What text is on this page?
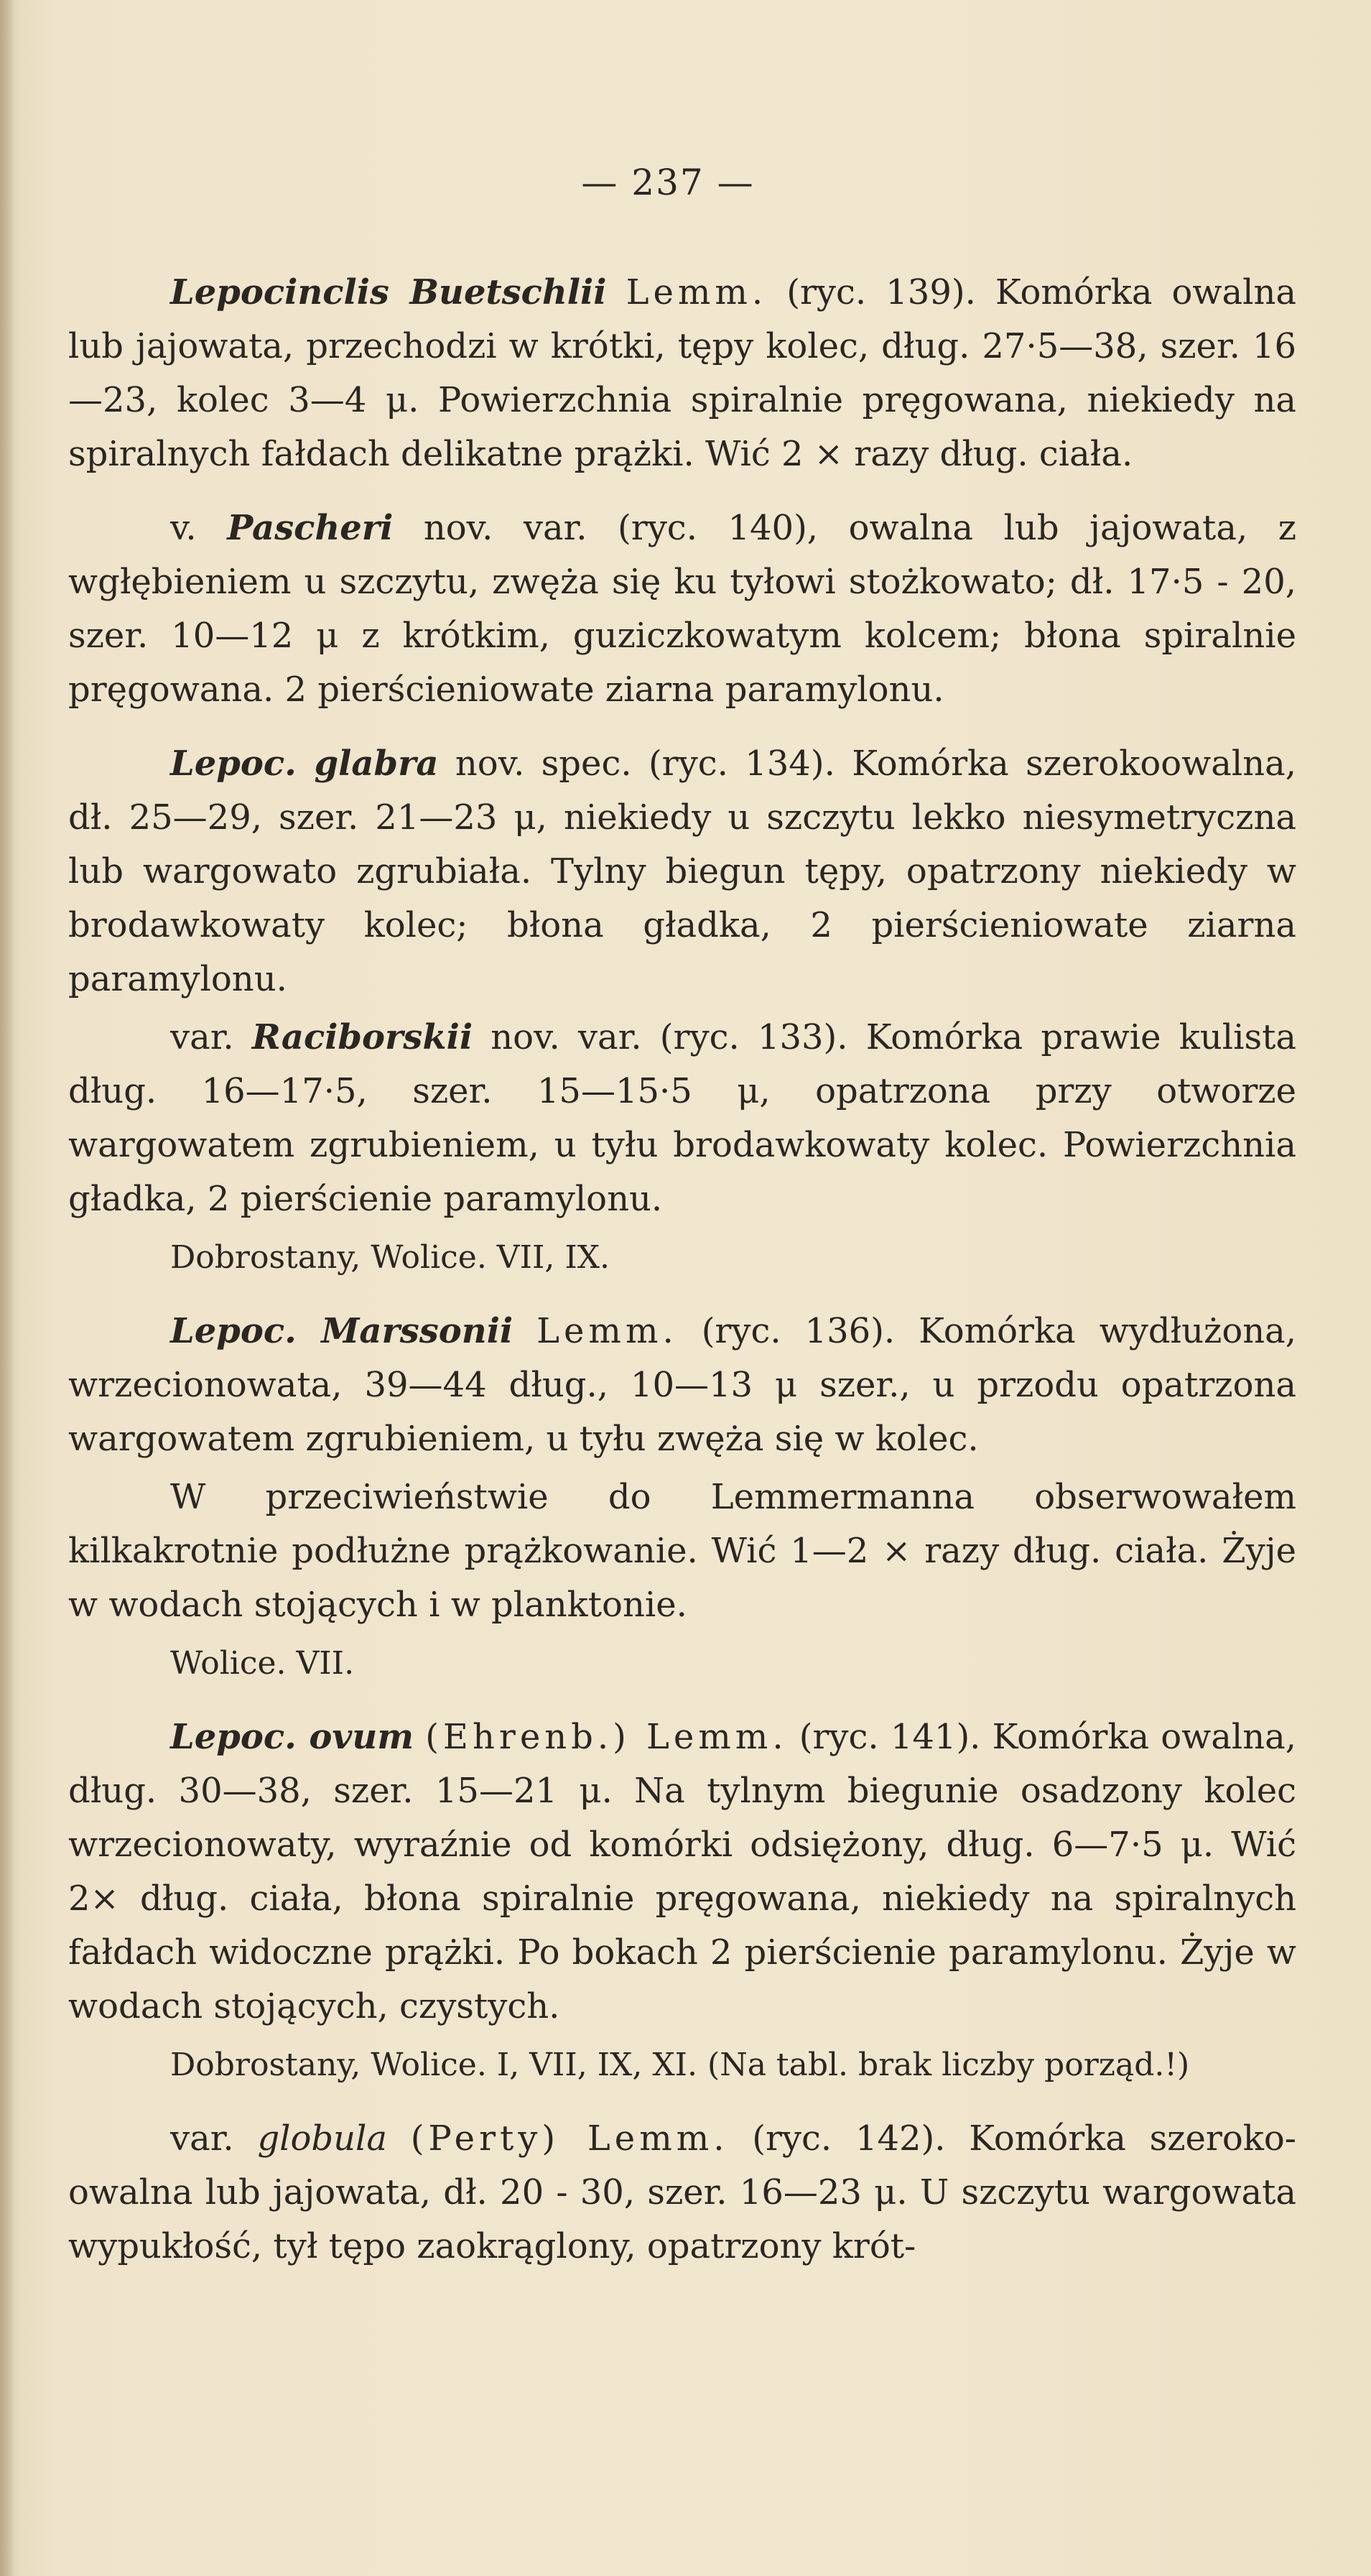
— 237 —

Lepocinclis Buetschlii Lemm. (ryc. 139). Komórka owalna lub jajowata, przechodzi w krótki, tępy kolec, dług. 27·5—38, szer. 16—23, kolec 3—4 μ. Powierzchnia spiralnie pręgowana, niekiedy na spiralnych fałdach delikatne prążki. Wić 2 × razy dług. ciała.

v. Pascheri nov. var. (ryc. 140), owalna lub jajowata, z wgłębieniem u szczytu, zwęża się ku tyłowi stożkowato; dł. 17·5 - 20, szer. 10—12 μ z krótkim, guziczkowatym kolcem; błona spiralnie pręgowana. 2 pierścieniowate ziarna paramylonu.

Lepoc. glabra nov. spec. (ryc. 134). Komórka szerokoowalna, dł. 25—29, szer. 21—23 μ, niekiedy u szczytu lekko niesymetryczna lub wargowato zgrubiała. Tylny biegun tępy, opatrzony niekiedy w brodawkowaty kolec; błona gładka, 2 pierścieniowate ziarna paramylonu.

var. Raciborskii nov. var. (ryc. 133). Komórka prawie kulista dług. 16—17·5, szer. 15—15·5 μ, opatrzona przy otworze wargowatem zgrubieniem, u tyłu brodawkowaty kolec. Powierzchnia gładka, 2 pierścienie paramylonu.

Dobrostany, Wolice. VII, IX.

Lepoc. Marssonii Lemm. (ryc. 136). Komórka wydłużona, wrzecionowata, 39—44 dług., 10—13 μ szer., u przodu opatrzona wargowatem zgrubieniem, u tyłu zwęża się w kolec.

W przeciwieństwie do Lemmermanna obserwowałem kilkakrotnie podłużne prążkowanie. Wić 1—2 × razy dług. ciała. Żyje w wodach stojących i w planktonie.

Wolice. VII.

Lepoc. ovum (Ehrenb.) Lemm. (ryc. 141). Komórka owalna, dług. 30—38, szer. 15—21 μ. Na tylnym biegunie osadzony kolec wrzecionowaty, wyraźnie od komórki odsiężony, dług. 6—7·5 μ. Wić 2× dług. ciała, błona spiralnie pręgowana, niekiedy na spiralnych fałdach widoczne prążki. Po bokach 2 pierścienie paramylonu. Żyje w wodach stojących, czystych.

Dobrostany, Wolice. I, VII, IX, XI. (Na tabl. brak liczby porząd.!)

var. globula (Perty) Lemm. (ryc. 142). Komórka szeroko-owalna lub jajowata, dł. 20 - 30, szer. 16—23 μ. U szczytu wargowata wypukłość, tył tępo zaokrąglony, opatrzony krót-
